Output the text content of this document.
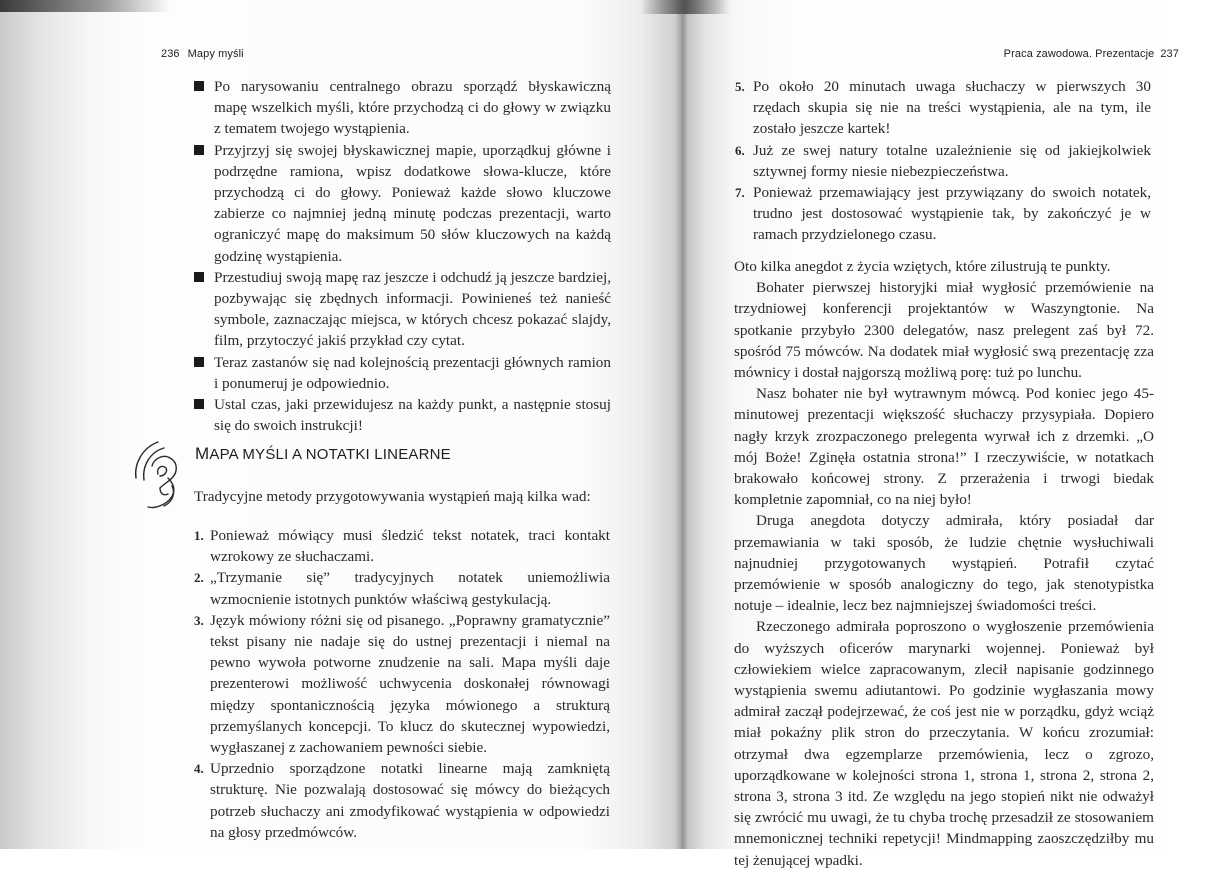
236 Mapy myśli	Praca zawodowa. Prezentacje 237
Po narysowaniu centralnego obrazu sporządź błyskawiczną mapę wszelkich myśli, które przychodzą ci do głowy w związku z tematem twojego wystąpienia.
Przyjrzyj się swojej błyskawicznej mapie, uporządkuj główne i podrzędne ramiona, wpisz dodatkowe słowa-klucze, które przychodzą ci do głowy. Ponieważ każde słowo kluczowe zabierze co najmniej jedną minutę podczas prezentacji, warto ograniczyć mapę do maksimum 50 słów kluczowych na każdą godzinę wystąpienia.
Przestudiuj swoją mapę raz jeszcze i odchudź ją jeszcze bardziej, pozbywając się zbędnych informacji. Powinieneś też nanieść symbole, zaznaczając miejsca, w których chcesz pokazać slajdy, film, przytoczyć jakiś przykład czy cytat.
Teraz zastanów się nad kolejnością prezentacji głównych ramion i ponumeruj je odpowiednio.
Ustal czas, jaki przewidujesz na każdy punkt, a następnie stosuj się do swoich instrukcji!
MAPA MYŚLI A NOTATKI LINEARNE

Tradycyjne metody przygotowywania wystąpień mają kilka wad:

1. Ponieważ mówiący musi śledzić tekst notatek, traci kontakt wzrokowy ze słuchaczami.
2. „Trzymanie się” tradycyjnych notatek uniemożliwia wzmocnienie istotnych punktów właściwą gestykulacją.
3. Język mówiony różni się od pisanego. „Poprawny gramatycznie” tekst pisany nie nadaje się do ustnej prezentacji i niemal na pewno wywoła potworne znudzenie na sali. Mapa myśli daje prezenterowi możliwość uchwycenia doskonałej równowagi między spontanicznością języka mówionego a strukturą przemyślanych koncepcji. To klucz do skutecznej wypowiedzi, wygłaszanej z zachowaniem pewności siebie.
4. Uprzednio sporządzone notatki linearne mają zamkniętą strukturę. Nie pozwalają dostosować się mówcy do bieżących potrzeb słuchaczy ani zmodyfikować wystąpienia w odpowiedzi na głosy przedmówców.
5. Po około 20 minutach uwaga słuchaczy w pierwszych 30 rzędach skupia się nie na treści wystąpienia, ale na tym, ile zostało jeszcze kartek!
6. Już ze swej natury totalne uzależnienie się od jakiejkolwiek sztywnej formy niesie niebezpieczeństwa.
7. Ponieważ przemawiający jest przywiązany do swoich notatek, trudno jest dostosować wystąpienie tak, by zakończyć je w ramach przydzielonego czasu.

Oto kilka anegdot z życia wziętych, które zilustrują te punkty.

Bohater pierwszej historyjki miał wygłosić przemówienie na trzydniowej konferencji projektantów w Waszyngtonie. Na spotkanie przybyło 2300 delegatów, nasz prelegent zaś był 72. spośród 75 mówców. Na dodatek miał wygłosić swą prezentację zza mównicy i dostał najgorszą możliwą porę: tuż po lunchu.

Nasz bohater nie był wytrawnym mówcą. Pod koniec jego 45-minutowej prezentacji większość słuchaczy przysypiała. Dopiero nagły krzyk zrozpaczonego prelegenta wyrwał ich z drzemki. „O mój Boże! Zginęła ostatnia strona!” I rzeczywiście, w notatkach brakowało końcowej strony. Z przerażenia i trwogi biedak kompletnie zapomniał, co na niej było!

Druga anegdota dotyczy admirała, który posiadał dar przemawiania w taki sposób, że ludzie chętnie wysłuchiwali najnudniej przygotowanych wystąpień. Potrafił czytać przemówienie w sposób analogiczny do tego, jak stenotypistka notuje – idealnie, lecz bez najmniejszej świadomości treści.

Rzeczonego admirała poproszono o wygłoszenie przemówienia do wyższych oficerów marynarki wojennej. Ponieważ był człowiekiem wielce zapracowanym, zlecił napisanie godzinnego wystąpienia swemu adiutantowi. Po godzinie wygłaszania mowy admirał zaczął podejrzewać, że coś jest nie w porządku, gdyż wciąż miał pokaźny plik stron do przeczytania. W końcu zrozumiał: otrzymał dwa egzemplarze przemówienia, lecz o zgrozo, uporządkowane w kolejności strona 1, strona 1, strona 2, strona 2, strona 3, strona 3 itd. Ze względu na jego stopień nikt nie odważył się zwrócić mu uwagi, że tu chyba trochę przesadził ze stosowaniem mnemonicznej techniki repetycji! Mindmapping zaoszczędziłby mu tej żenującej wpadki.
